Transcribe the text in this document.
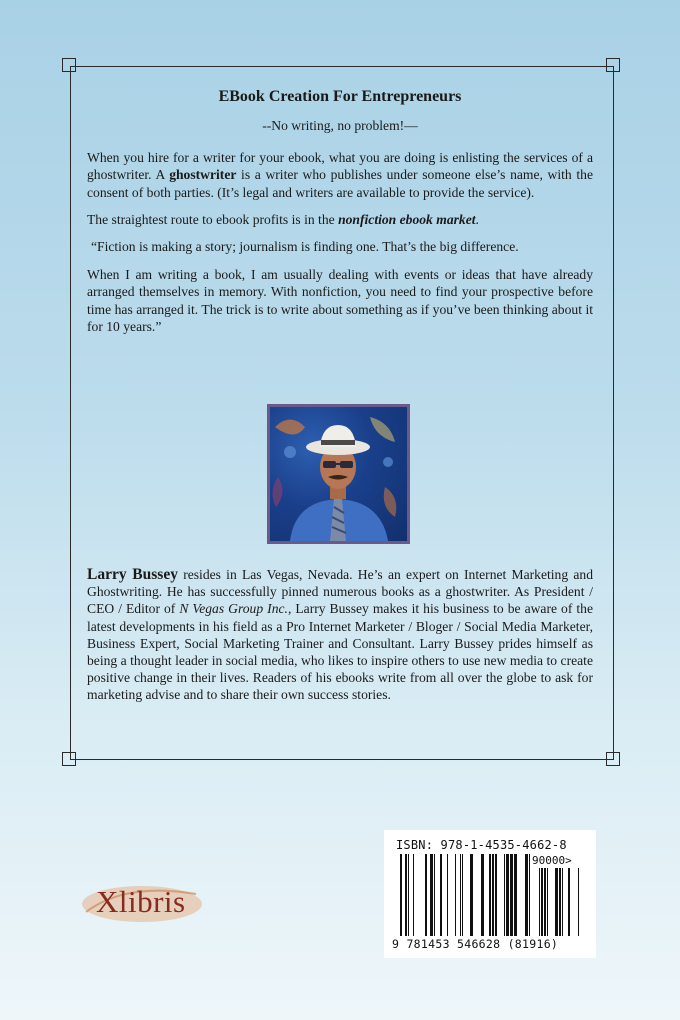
EBook Creation For Entrepreneurs

--No writing, no problem!—

When you hire for a writer for your ebook, what you are doing is enlisting the services of a ghostwriter. A ghostwriter is a writer who publishes under someone else’s name, with the consent of both parties. (It’s legal and writers are available to provide the service).

The straightest route to ebook profits is in the nonfiction ebook market.

“Fiction is making a story; journalism is finding one. That’s the big difference.

When I am writing a book, I am usually dealing with events or ideas that have already arranged themselves in memory. With nonfiction, you need to find your prospective before time has arranged it. The trick is to write about something as if you’ve been thinking about it for 10 years.”

Larry Bussey resides in Las Vegas, Nevada. He’s an expert on Internet Marketing and Ghostwriting. He has successfully pinned numerous books as a ghostwriter. As President / CEO / Editor of N Vegas Group Inc., Larry Bussey makes it his business to be aware of the latest developments in his field as a Pro Internet Marketer / Bloger / Social Media Marketer, Business Expert, Social Marketing Trainer and Consultant. Larry Bussey prides himself as being a thought leader in social media, who likes to inspire others to use new media to create positive change in their lives. Readers of his ebooks write from all over the globe to ask for marketing advise and to share their own success stories.
Xlibris
ISBN: 978-1-4535-4662-8
90000>
9 781453 546628 (81916)
